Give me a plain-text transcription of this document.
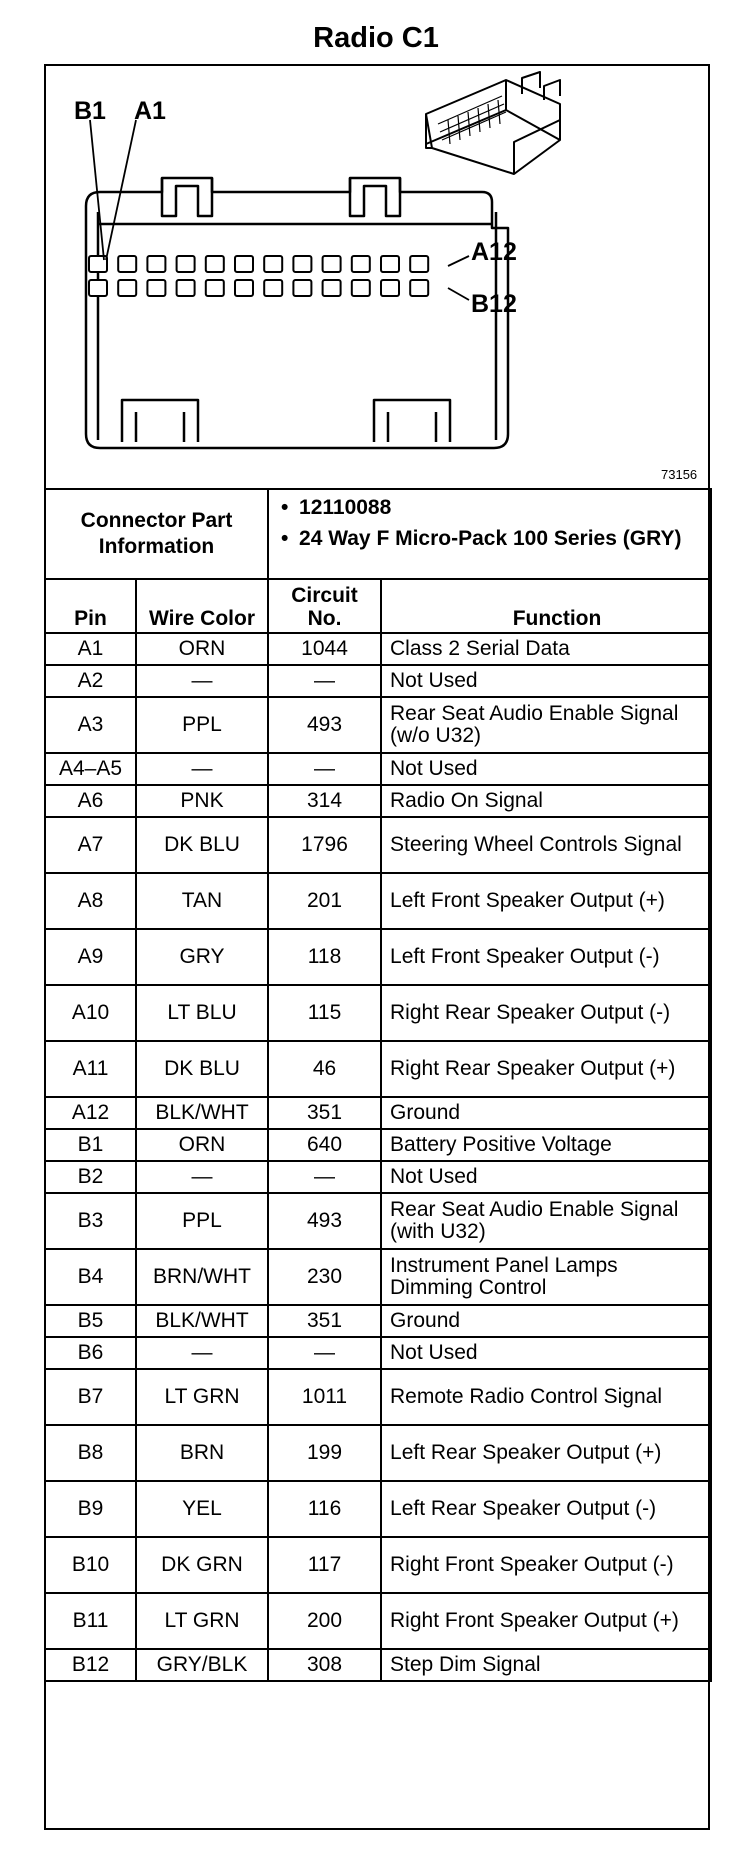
Radio C1
B1 A1
A12
B12
73156
Connector Part Information		• 12110088
• 24 Way F Micro-Pack 100 Series (GRY)	

Pin	Wire Color	Circuit No.	Function
A1	ORN	1044	Class 2 Serial Data
A2	—	—	Not Used
A3	PPL	493	Rear Seat Audio Enable Signal (w/o U32)
A4–A5	—	—	Not Used
A6	PNK	314	Radio On Signal
A7	DK BLU	1796	Steering Wheel Controls Signal
A8	TAN	201	Left Front Speaker Output (+)
A9	GRY	118	Left Front Speaker Output (-)
A10	LT BLU	115	Right Rear Speaker Output (-)
A11	DK BLU	46	Right Rear Speaker Output (+)
A12	BLK/WHT	351	Ground
B1	ORN	640	Battery Positive Voltage
B2	—	—	Not Used
B3	PPL	493	Rear Seat Audio Enable Signal (with U32)
B4	BRN/WHT	230	Instrument Panel Lamps Dimming Control
B5	BLK/WHT	351	Ground
B6	—	—	Not Used
B7	LT GRN	1011	Remote Radio Control Signal
B8	BRN	199	Left Rear Speaker Output (+)
B9	YEL	116	Left Rear Speaker Output (-)
B10	DK GRN	117	Right Front Speaker Output (-)
B11	LT GRN	200	Right Front Speaker Output (+)
B12	GRY/BLK	308	Step Dim Signal
